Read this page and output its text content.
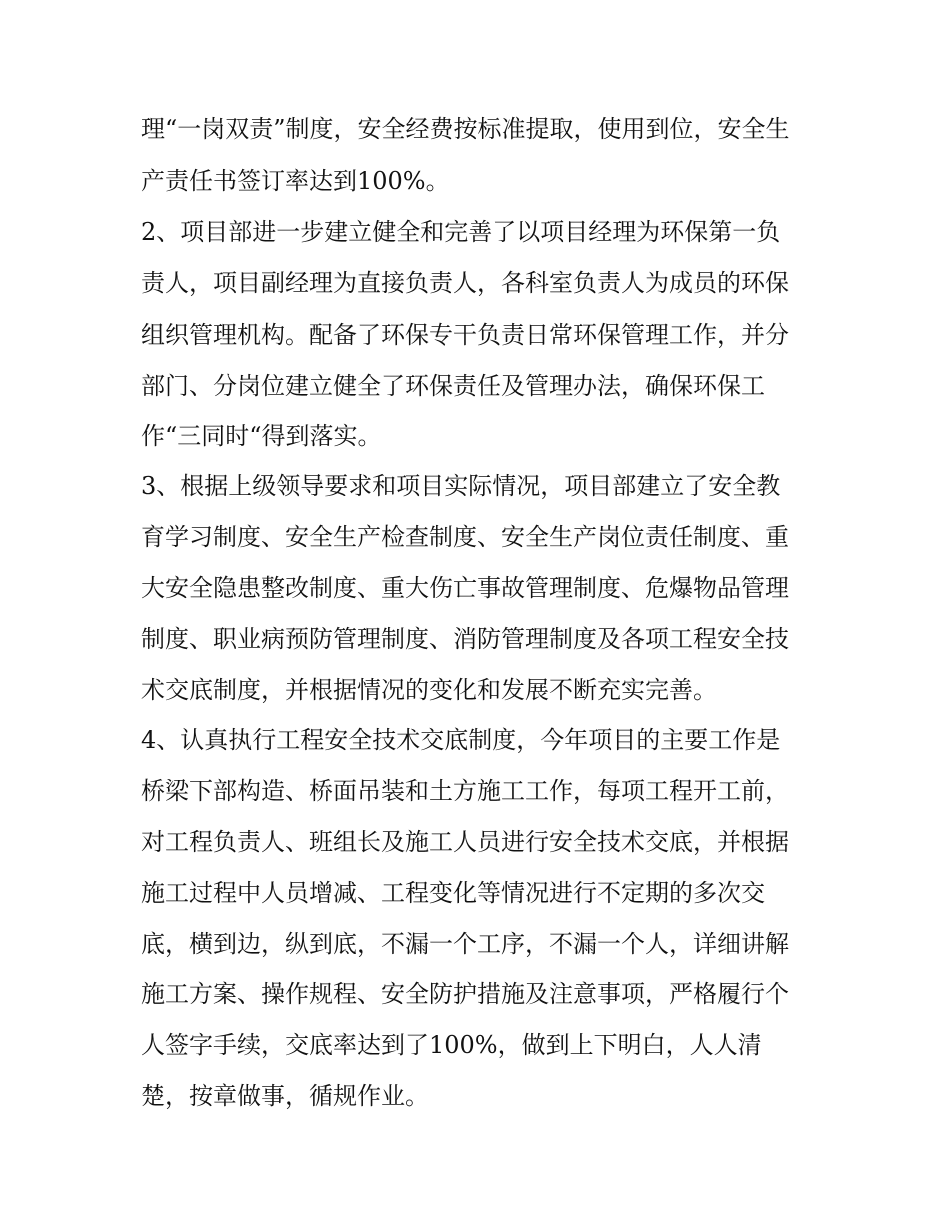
理“一岗双责”制度，安全经费按标准提取，使用到位，安全生
产责任书签订率达到100%。
2、项目部进一步建立健全和完善了以项目经理为环保第一负
责人，项目副经理为直接负责人，各科室负责人为成员的环保
组织管理机构。配备了环保专干负责日常环保管理工作，并分
部门、分岗位建立健全了环保责任及管理办法，确保环保工
作“三同时“得到落实。
3、根据上级领导要求和项目实际情况，项目部建立了安全教
育学习制度、安全生产检查制度、安全生产岗位责任制度、重
大安全隐患整改制度、重大伤亡事故管理制度、危爆物品管理
制度、职业病预防管理制度、消防管理制度及各项工程安全技
术交底制度，并根据情况的变化和发展不断充实完善。
4、认真执行工程安全技术交底制度，今年项目的主要工作是
桥梁下部构造、桥面吊装和土方施工工作，每项工程开工前，
对工程负责人、班组长及施工人员进行安全技术交底，并根据
施工过程中人员增减、工程变化等情况进行不定期的多次交
底，横到边，纵到底，不漏一个工序，不漏一个人，详细讲解
施工方案、操作规程、安全防护措施及注意事项，严格履行个
人签字手续，交底率达到了100%，做到上下明白，人人清
楚，按章做事，循规作业。
